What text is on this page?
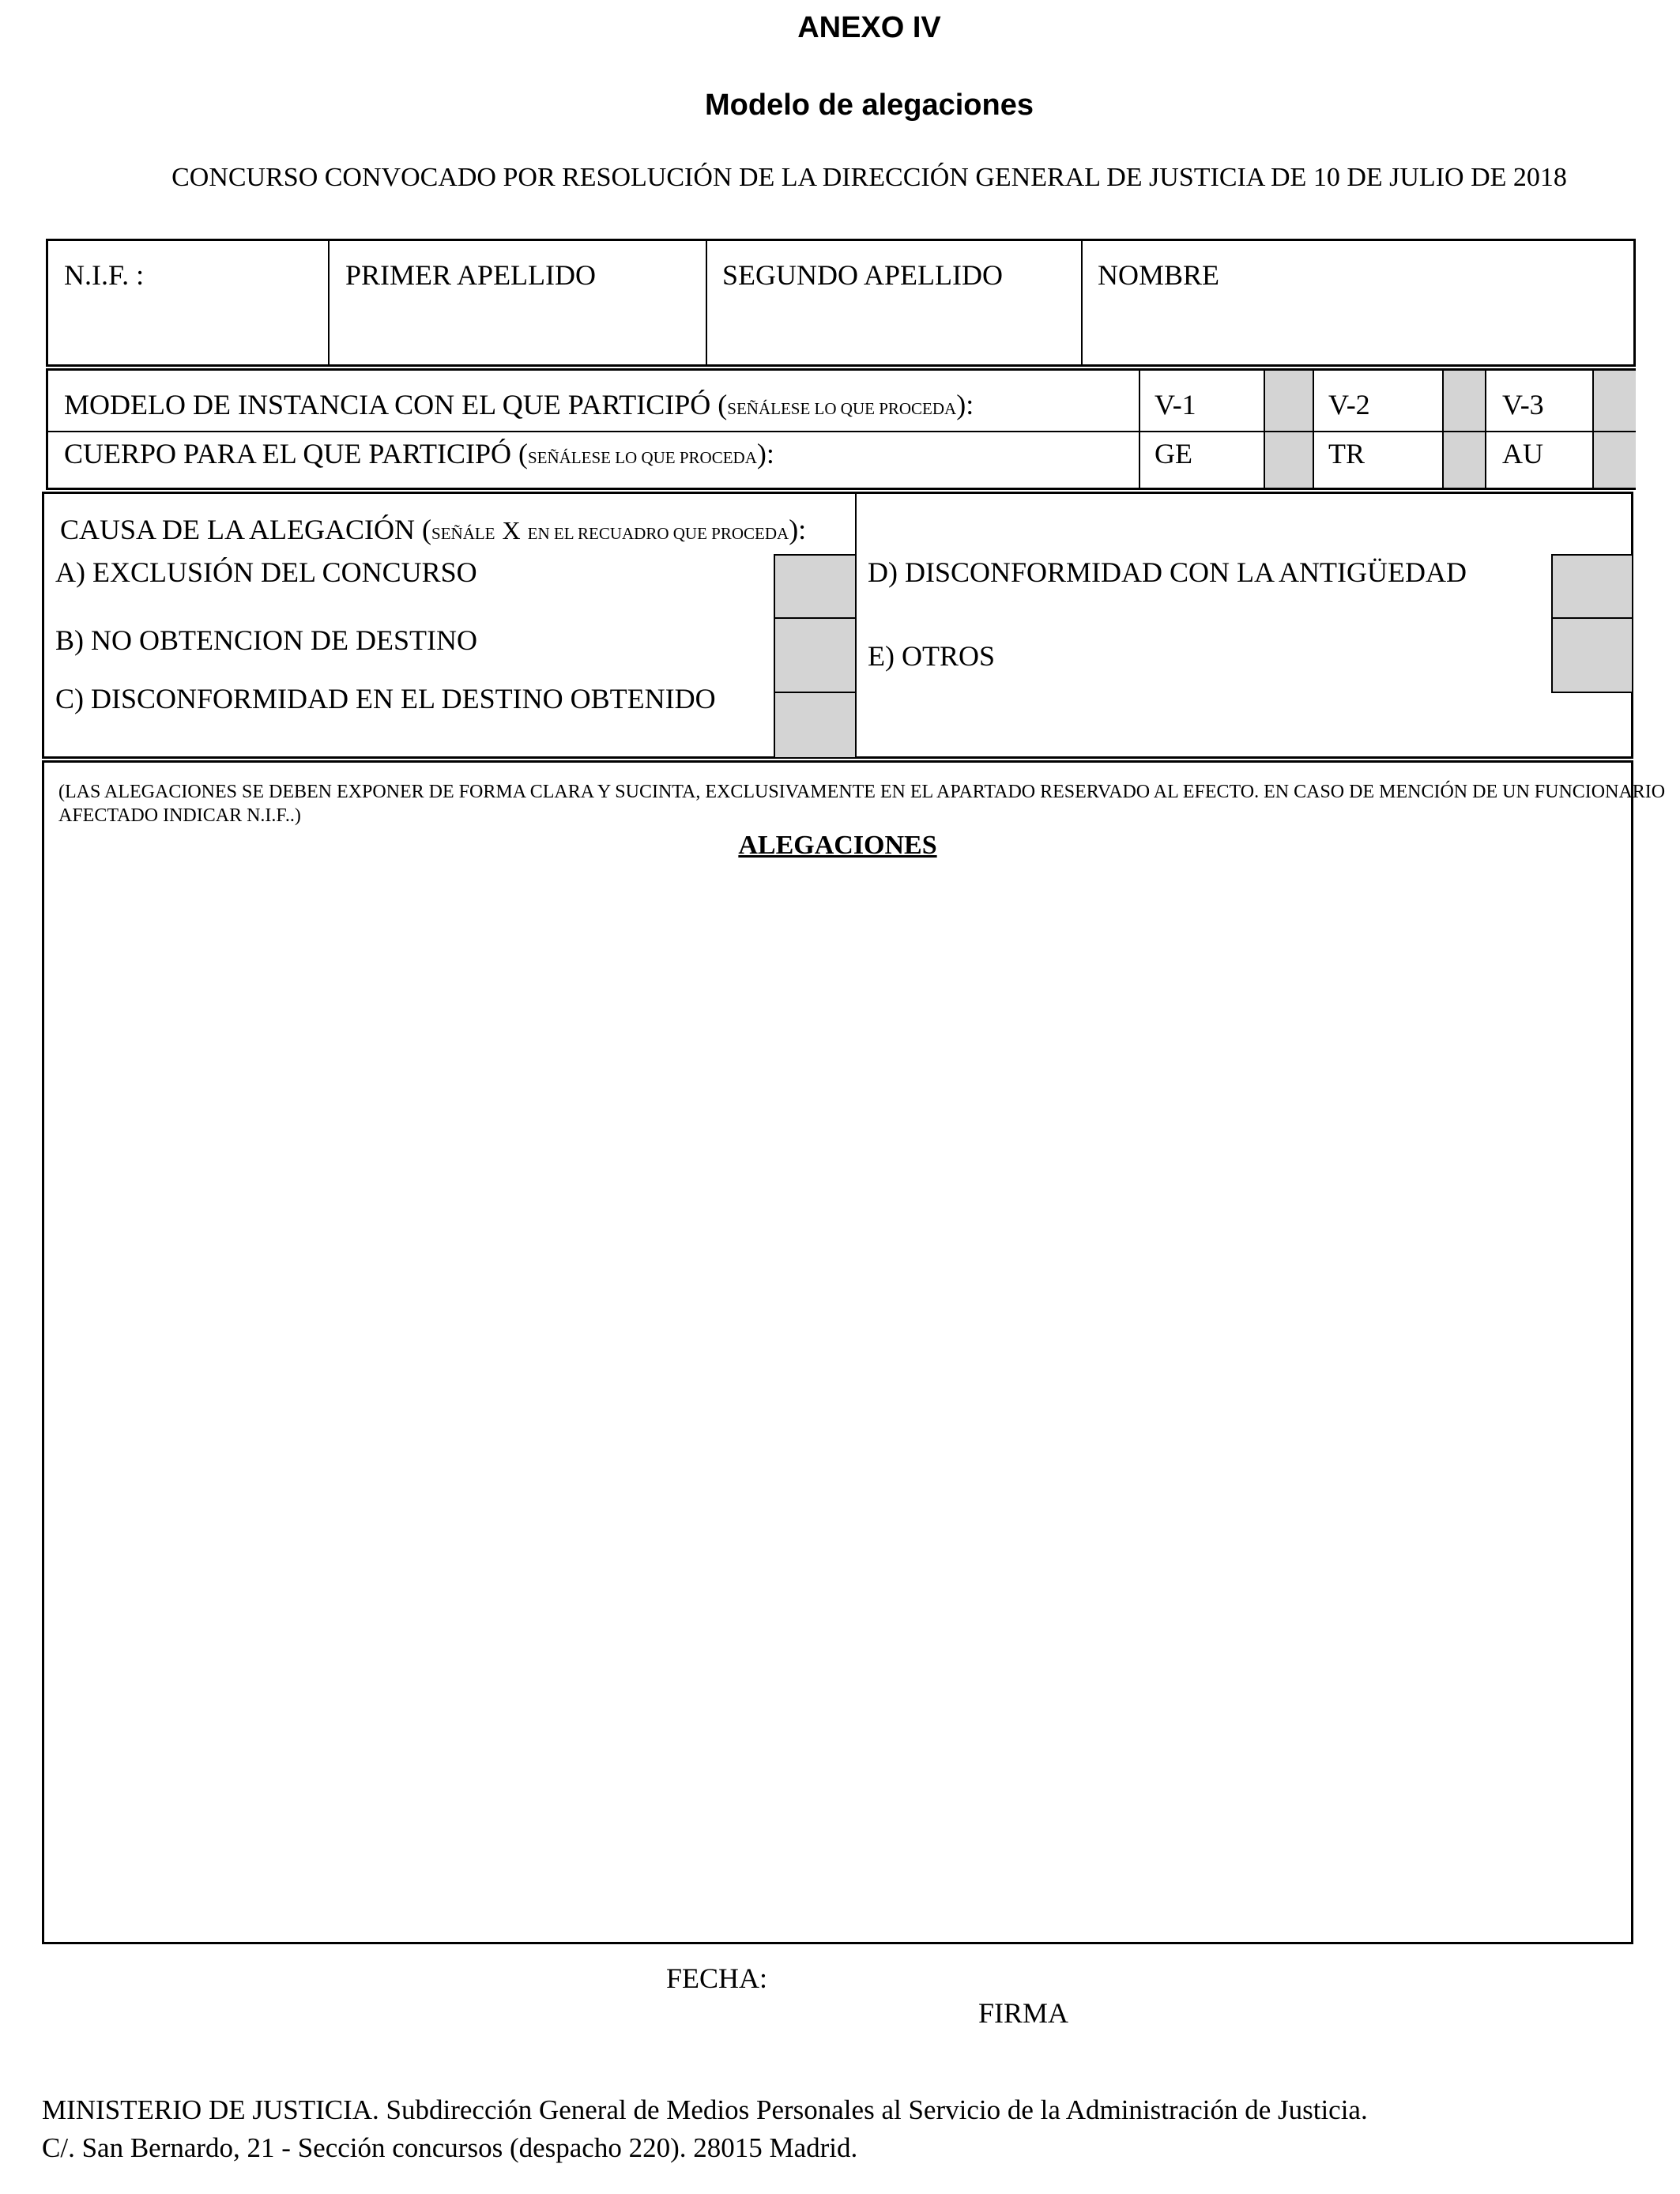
ANEXO IV
Modelo de alegaciones
CONCURSO CONVOCADO POR RESOLUCIÓN DE LA DIRECCIÓN GENERAL DE JUSTICIA DE 10 DE JULIO DE 2018
N.I.F. :	PRIMER APELLIDO	SEGUNDO APELLIDO	NOMBRE
MODELO DE INSTANCIA CON EL QUE PARTICIPÓ (SEÑÁLESE LO QUE PROCEDA):	V-1	V-2	V-3
CUERPO PARA EL QUE PARTICIPÓ (SEÑÁLESE LO QUE PROCEDA):	GE	TR	AU
CAUSA DE LA ALEGACIÓN (SEÑÁLE X EN EL RECUADRO QUE PROCEDA):
A) EXCLUSIÓN DEL CONCURSO
B) NO OBTENCION DE DESTINO
C) DISCONFORMIDAD EN EL DESTINO OBTENIDO
D) DISCONFORMIDAD CON LA ANTIGÜEDAD
E) OTROS
(LAS ALEGACIONES SE DEBEN EXPONER DE FORMA CLARA Y SUCINTA, EXCLUSIVAMENTE EN EL APARTADO RESERVADO AL EFECTO. EN CASO DE MENCIÓN DE UN FUNCIONARIO AFECTADO INDICAR N.I.F..)
ALEGACIONES
FECHA:
FIRMA
MINISTERIO DE JUSTICIA. Subdirección General de Medios Personales al Servicio de la Administración de Justicia.
C/. San Bernardo, 21 - Sección concursos (despacho 220). 28015 Madrid.
